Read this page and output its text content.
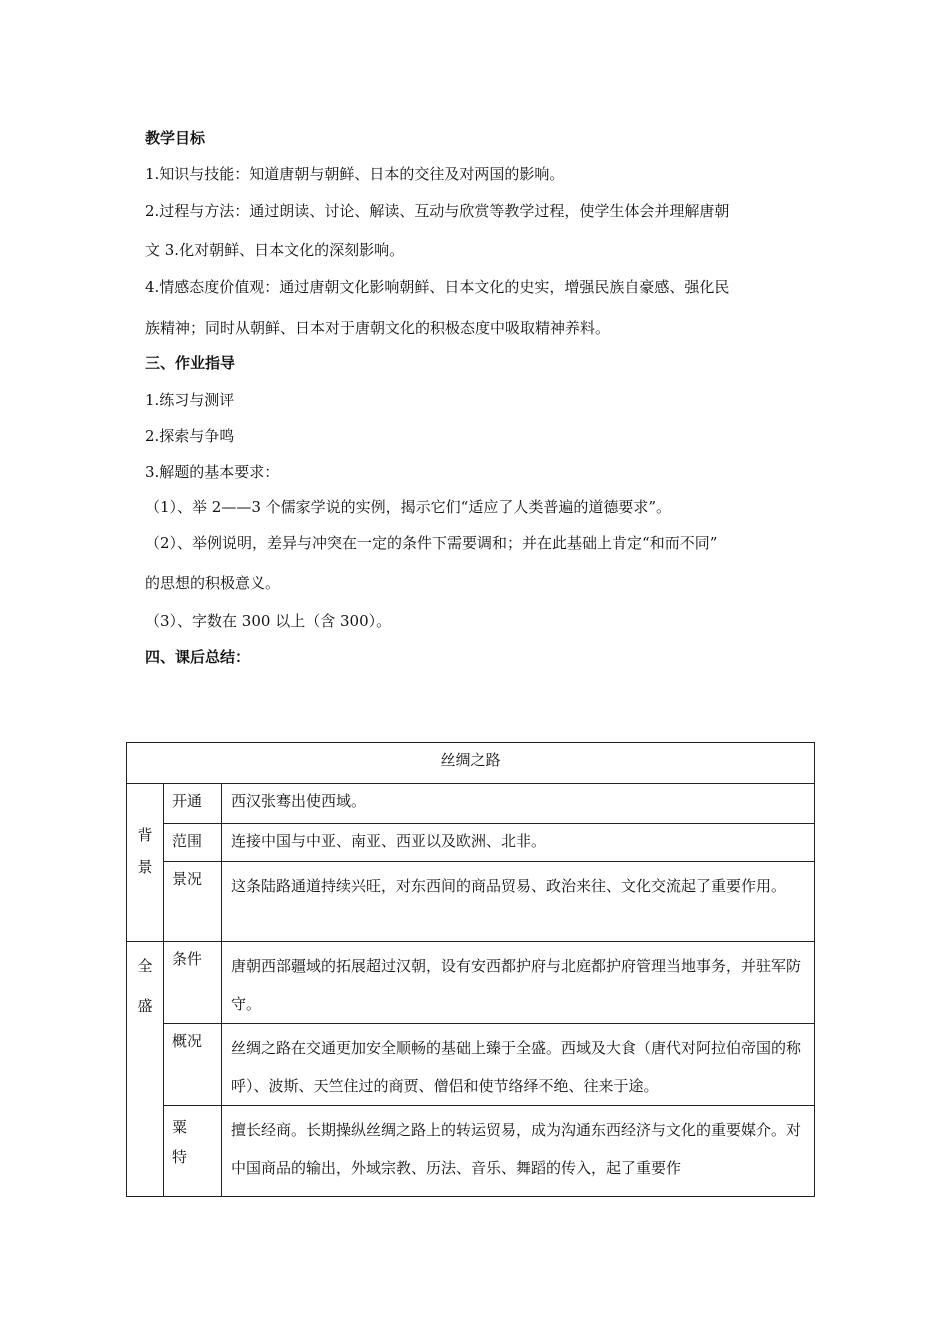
教学目标
1.知识与技能：知道唐朝与朝鲜、日本的交往及对两国的影响。
2.过程与方法：通过朗读、讨论、解读、互动与欣赏等教学过程，使学生体会并理解唐朝
文 3.化对朝鲜、日本文化的深刻影响。
4.情感态度价值观：通过唐朝文化影响朝鲜、日本文化的史实，增强民族自豪感、强化民
族精神；同时从朝鲜、日本对于唐朝文化的积极态度中吸取精神养料。
三、作业指导
1.练习与测评
2.探索与争鸣
3.解题的基本要求：
（1）、举 2——3 个儒家学说的实例，揭示它们“适应了人类普遍的道德要求”。
（2）、举例说明，差异与冲突在一定的条件下需要调和；并在此基础上肯定“和而不同”
的思想的积极意义。
（3）、字数在 300 以上（含 300）。
四、课后总结：
丝绸之路		

背景	开通	西汉张骞出使西域。
	范围	连接中国与中亚、南亚、西亚以及欧洲、北非。
	景况	这条陆路通道持续兴旺，对东西间的商品贸易、政治来往、文化交流起了重要作用。

全盛	条件	唐朝西部疆域的拓展超过汉朝，设有安西都护府与北庭都护府管理当地事务，并驻军防守。
	概况	丝绸之路在交通更加安全顺畅的基础上臻于全盛。西域及大食（唐代对阿拉伯帝国的称呼）、波斯、天竺住过的商贾、僧侣和使节络绎不绝、往来于途。

	粟特	擅长经商。长期操纵丝绸之路上的转运贸易，成为沟通东西经济与文化的重要媒介。对中国商品的输出，外域宗教、历法、音乐、舞蹈的传入，起了重要作
